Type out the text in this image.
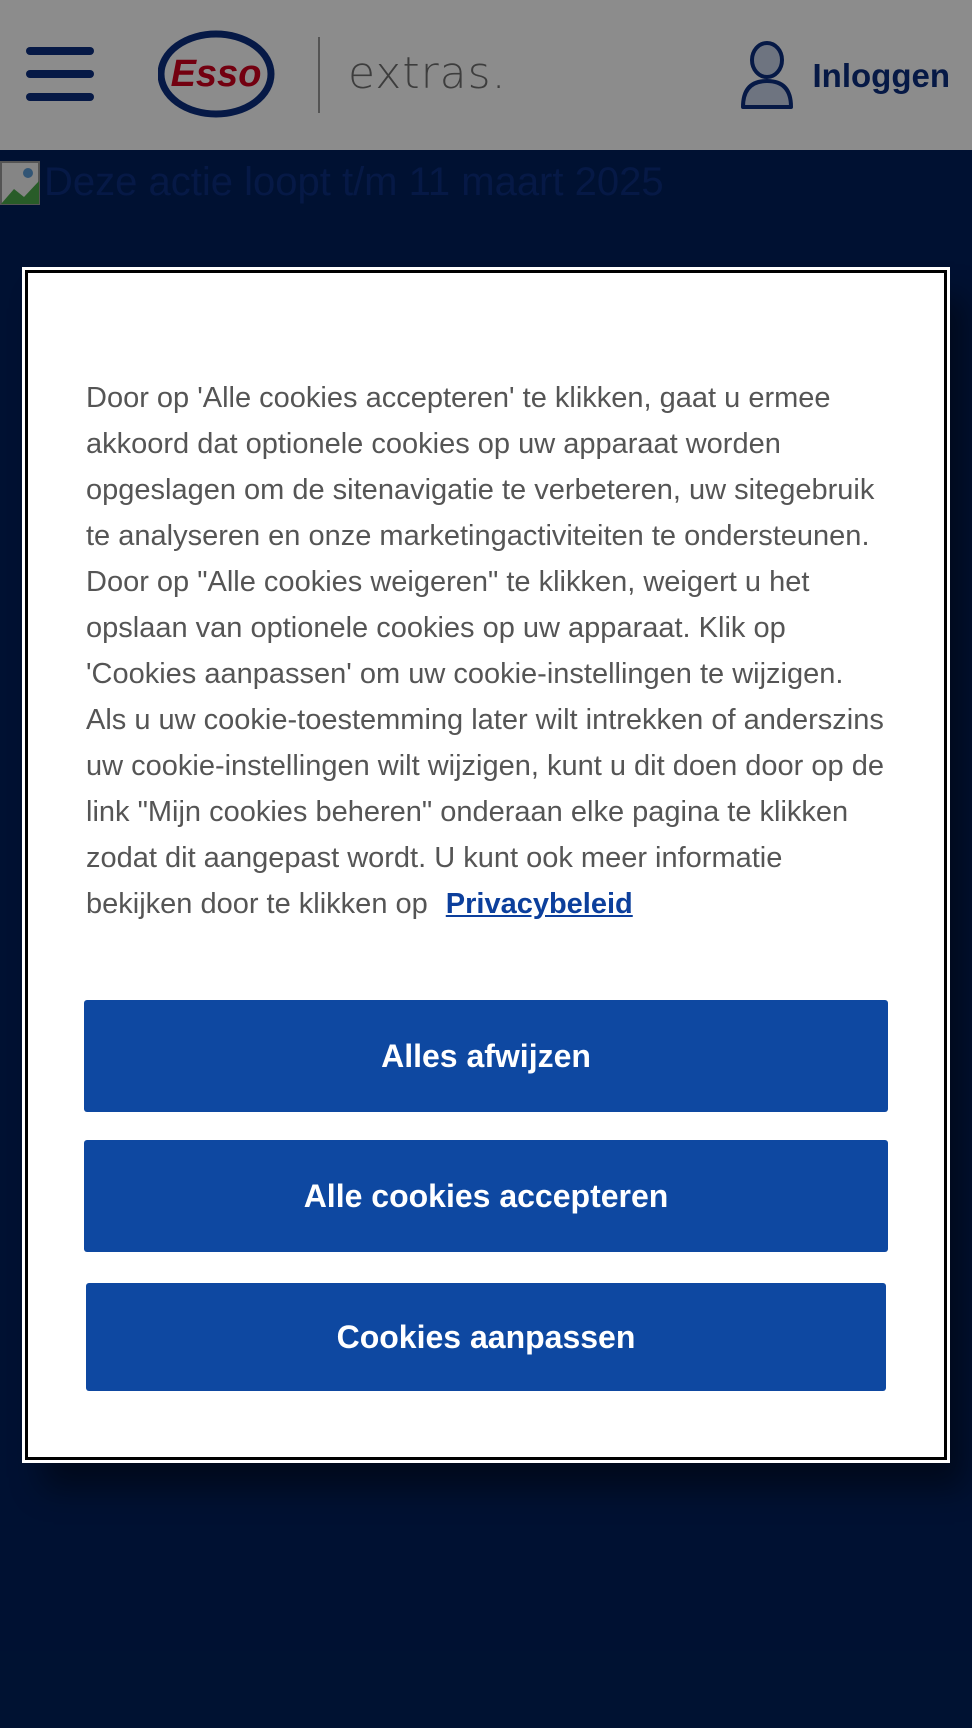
Esso extras.	Inloggen
Deze actie loopt t/m 11 maart 2025

Door op 'Alle cookies accepteren' te klikken, gaat u ermee akkoord dat optionele cookies op uw apparaat worden opgeslagen om de sitenavigatie te verbeteren, uw sitegebruik te analyseren en onze marketingactiviteiten te ondersteunen. Door op "Alle cookies weigeren" te klikken, weigert u het opslaan van optionele cookies op uw apparaat. Klik op 'Cookies aanpassen' om uw cookie-instellingen te wijzigen. Als u uw cookie-toestemming later wilt intrekken of anderszins uw cookie-instellingen wilt wijzigen, kunt u dit doen door op de link "Mijn cookies beheren" onderaan elke pagina te klikken zodat dit aangepast wordt. U kunt ook meer informatie bekijken door te klikken op Privacybeleid

Alles afwijzen
Alle cookies accepteren
Cookies aanpassen
